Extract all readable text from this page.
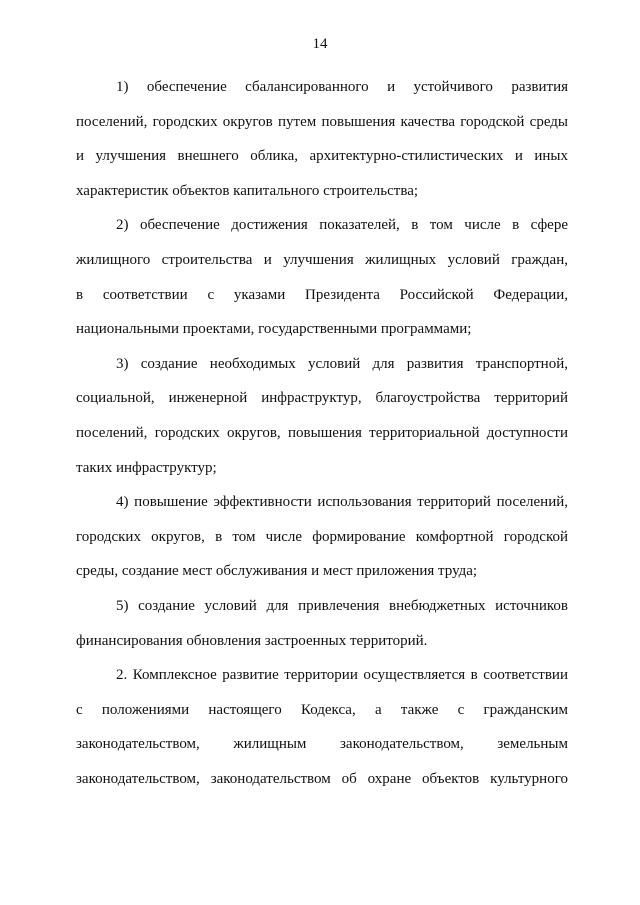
14
1) обеспечение сбалансированного и устойчивого развития
поселений, городских округов путем повышения качества городской среды
и улучшения внешнего облика, архитектурно-стилистических и иных
характеристик объектов капитального строительства;
2) обеспечение достижения показателей, в том числе в сфере
жилищного строительства и улучшения жилищных условий граждан,
в соответствии с указами Президента Российской Федерации,
национальными проектами, государственными программами;
3) создание необходимых условий для развития транспортной,
социальной, инженерной инфраструктур, благоустройства территорий
поселений, городских округов, повышения территориальной доступности
таких инфраструктур;
4) повышение эффективности использования территорий поселений,
городских округов, в том числе формирование комфортной городской
среды, создание мест обслуживания и мест приложения труда;
5) создание условий для привлечения внебюджетных источников
финансирования обновления застроенных территорий.
2. Комплексное развитие территории осуществляется в соответствии
с положениями настоящего Кодекса, а также с гражданским
законодательством, жилищным законодательством, земельным
законодательством, законодательством об охране объектов культурного
